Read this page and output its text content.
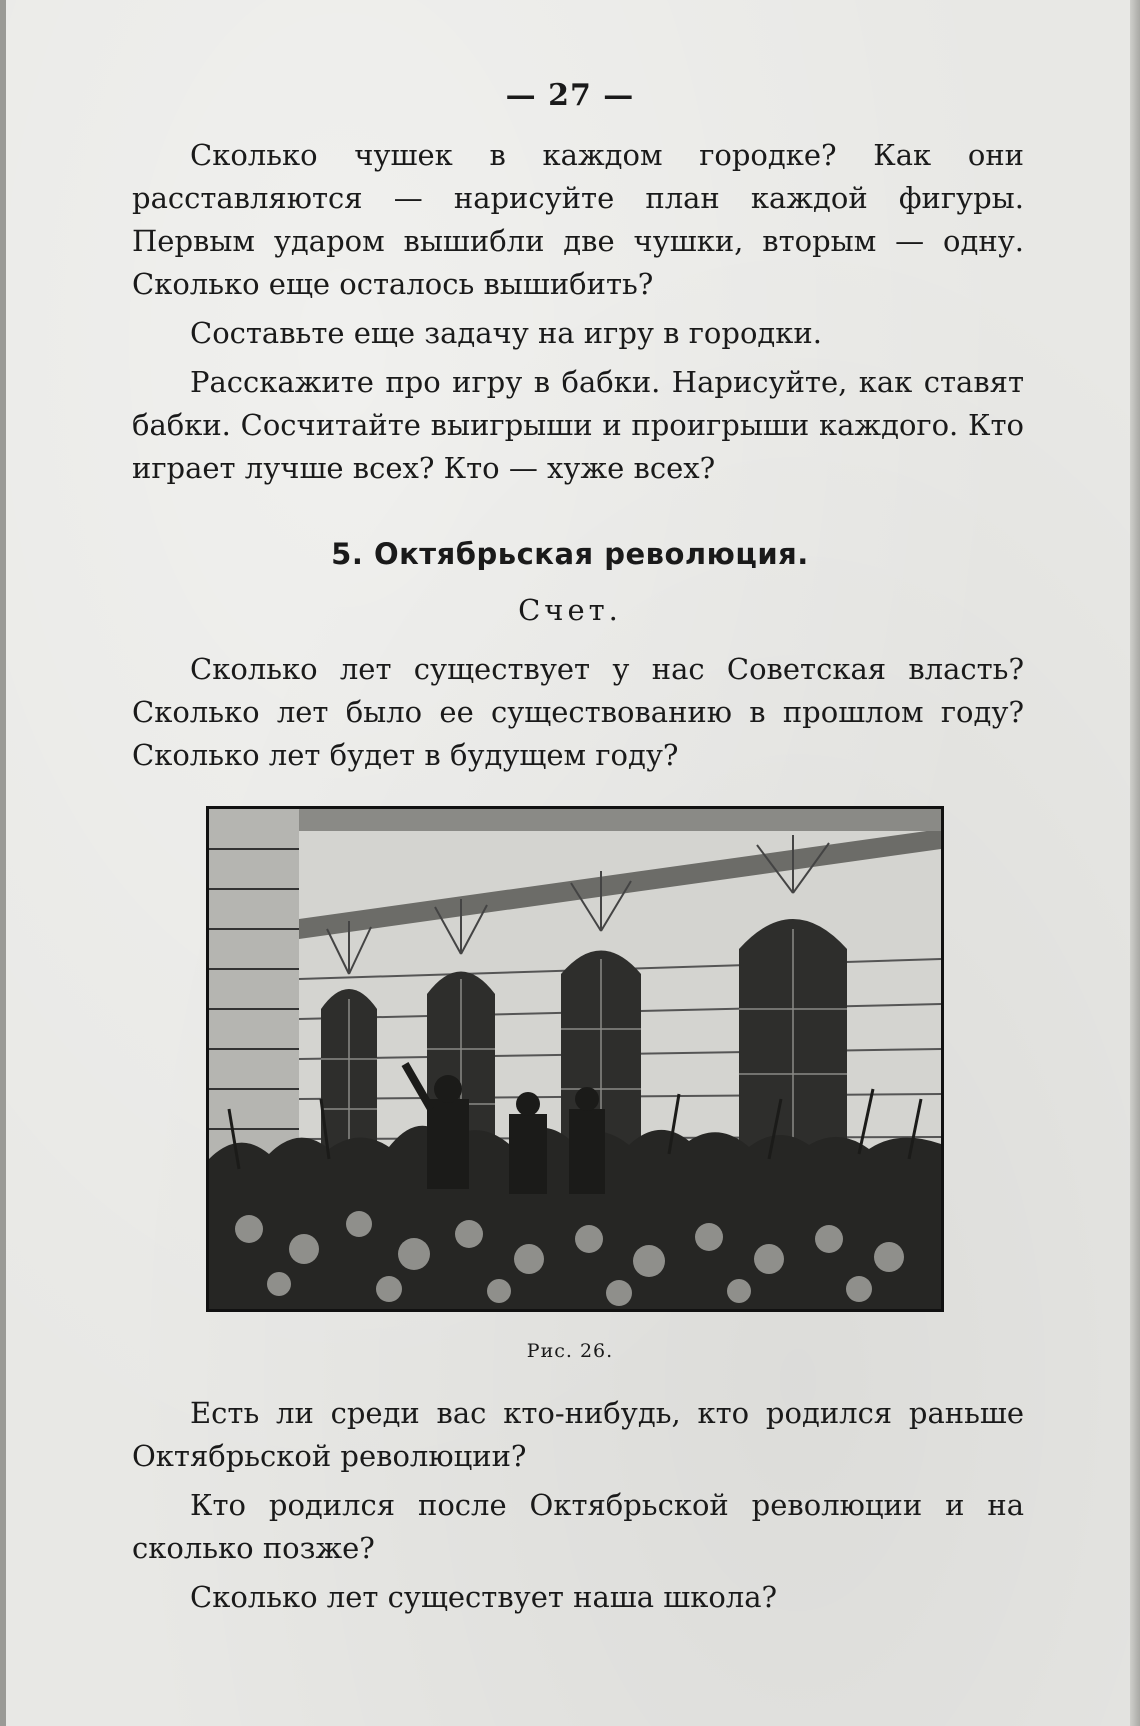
— 27 —

Сколько чушек в каждом городке? Как они расставляются — нарисуйте план каждой фигуры. Первым ударом вышибли две чушки, вторым — одну. Сколько еще осталось вышибить?

Составьте еще задачу на игру в городки.

Расскажите про игру в бабки. Нарисуйте, как ставят бабки. Сосчитайте выигрыши и проигрыши каждого. Кто играет лучше всех? Кто — хуже всех?

5. Октябрьская революция.
Счет.

Сколько лет существует у нас Советская власть? Сколько лет было ее существованию в прошлом году? Сколько лет будет в будущем году?

Рис. 26.

Есть ли среди вас кто-нибудь, кто родился раньше Октябрьской революции?

Кто родился после Октябрьской революции и на сколько позже?

Сколько лет существует наша школа?
